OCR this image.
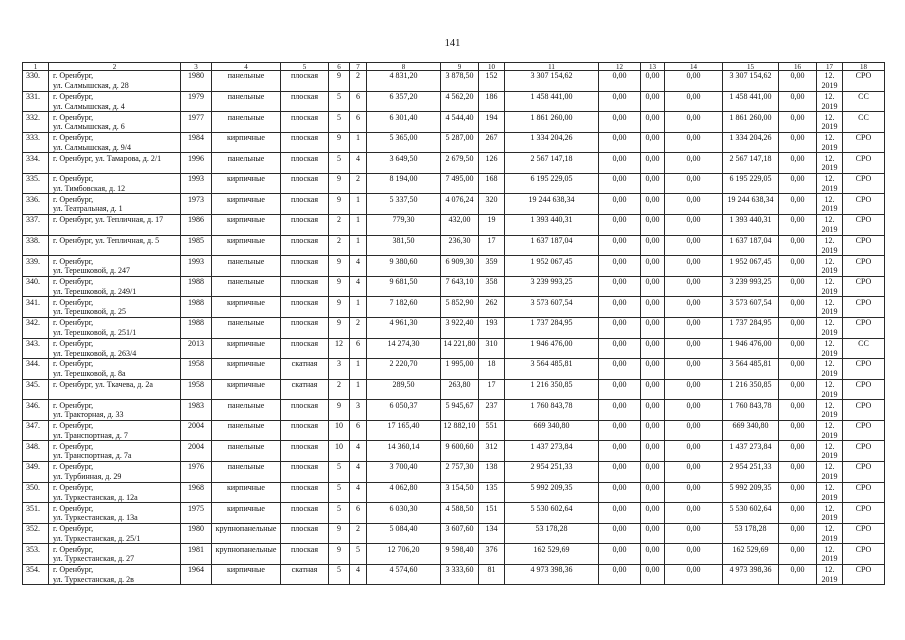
141
1	2	3	4	5	6	7	8	9	10	11	12	13	14	15	16	17	18
330.	г. Оренбург,
ул. Салмышская, д. 28	1980	панельные	плоская	9	2	4 831,20	3 878,50	152	3 307 154,62	0,00	0,00	0,00	3 307 154,62	0,00	12.
2019	СРО
331.	г. Оренбург,
ул. Салмышская, д. 4	1979	панельные	плоская	5	6	6 357,20	4 562,20	186	1 458 441,00	0,00	0,00	0,00	1 458 441,00	0,00	12.
2019	СС
332.	г. Оренбург,
ул. Салмышская, д. 6	1977	панельные	плоская	5	6	6 301,40	4 544,40	194	1 861 260,00	0,00	0,00	0,00	1 861 260,00	0,00	12.
2019	СС
333.	г. Оренбург,
ул. Салмышская, д. 9/4	1984	кирпичные	плоская	9	1	5 365,00	5 287,00	267	1 334 204,26	0,00	0,00	0,00	1 334 204,26	0,00	12.
2019	СРО
334.	г. Оренбург, ул. Тамарова, д. 2/1	1996	панельные	плоская	5	4	3 649,50	2 679,50	126	2 567 147,18	0,00	0,00	0,00	2 567 147,18	0,00	12.
2019	СРО
335.	г. Оренбург,
ул. Тимбовская, д. 12	1993	кирпичные	плоская	9	2	8 194,00	7 495,00	168	6 195 229,05	0,00	0,00	0,00	6 195 229,05	0,00	12.
2019	СРО
336.	г. Оренбург,
ул. Театральная, д. 1	1973	кирпичные	плоская	9	1	5 337,50	4 076,24	320	19 244 638,34	0,00	0,00	0,00	19 244 638,34	0,00	12.
2019	СРО
337.	г. Оренбург, ул. Тепличная, д. 17	1986	кирпичные	плоская	2	1	779,30	432,00	19	1 393 440,31	0,00	0,00	0,00	1 393 440,31	0,00	12.
2019	СРО
338.	г. Оренбург, ул. Тепличная, д. 5	1985	кирпичные	плоская	2	1	381,50	236,30	17	1 637 187,04	0,00	0,00	0,00	1 637 187,04	0,00	12.
2019	СРО
339.	г. Оренбург,
ул. Терешковой, д. 247	1993	панельные	плоская	9	4	9 380,60	6 909,30	359	1 952 067,45	0,00	0,00	0,00	1 952 067,45	0,00	12.
2019	СРО
340.	г. Оренбург,
ул. Терешковой, д. 249/1	1988	панельные	плоская	9	4	9 681,50	7 643,10	358	3 239 993,25	0,00	0,00	0,00	3 239 993,25	0,00	12.
2019	СРО
341.	г. Оренбург,
ул. Терешковой, д. 25	1988	кирпичные	плоская	9	1	7 182,60	5 852,90	262	3 573 607,54	0,00	0,00	0,00	3 573 607,54	0,00	12.
2019	СРО
342.	г. Оренбург,
ул. Терешковой, д. 251/1	1988	панельные	плоская	9	2	4 961,30	3 922,40	193	1 737 284,95	0,00	0,00	0,00	1 737 284,95	0,00	12.
2019	СРО
343.	г. Оренбург,
ул. Терешковой, д. 263/4	2013	кирпичные	плоская	12	6	14 274,30	14 221,80	310	1 946 476,00	0,00	0,00	0,00	1 946 476,00	0,00	12.
2019	СС
344.	г. Оренбург,
ул. Терешковой, д. 8а	1958	кирпичные	скатная	3	1	2 220,70	1 995,00	18	3 564 485,81	0,00	0,00	0,00	3 564 485,81	0,00	12.
2019	СРО
345.	г. Оренбург, ул. Ткачева, д. 2а	1958	кирпичные	скатная	2	1	289,50	263,80	17	1 216 350,85	0,00	0,00	0,00	1 216 350,85	0,00	12.
2019	СРО
346.	г. Оренбург,
ул. Тракторная, д. 33	1983	панельные	плоская	9	3	6 050,37	5 945,67	237	1 760 843,78	0,00	0,00	0,00	1 760 843,78	0,00	12.
2019	СРО
347.	г. Оренбург,
ул. Транспортная, д. 7	2004	панельные	плоская	10	6	17 165,40	12 882,10	551	669 340,80	0,00	0,00	0,00	669 340,80	0,00	12.
2019	СРО
348.	г. Оренбург,
ул. Транспортная, д. 7а	2004	панельные	плоская	10	4	14 360,14	9 600,60	312	1 437 273,84	0,00	0,00	0,00	1 437 273,84	0,00	12.
2019	СРО
349.	г. Оренбург,
ул. Турбинная, д. 29	1976	панельные	плоская	5	4	3 700,40	2 757,30	138	2 954 251,33	0,00	0,00	0,00	2 954 251,33	0,00	12.
2019	СРО
350.	г. Оренбург,
ул. Туркестанская, д. 12а	1968	кирпичные	плоская	5	4	4 062,80	3 154,50	135	5 992 209,35	0,00	0,00	0,00	5 992 209,35	0,00	12.
2019	СРО
351.	г. Оренбург,
ул. Туркестанская, д. 13а	1975	кирпичные	плоская	5	6	6 030,30	4 588,50	151	5 530 602,64	0,00	0,00	0,00	5 530 602,64	0,00	12.
2019	СРО
352.	г. Оренбург,
ул. Туркестанская, д. 25/1	1980	крупнопанельные	плоская	9	2	5 084,40	3 607,60	134	53 178,28	0,00	0,00	0,00	53 178,28	0,00	12.
2019	СРО
353.	г. Оренбург,
ул. Туркестанская, д. 27	1981	крупнопанельные	плоская	9	5	12 706,20	9 598,40	376	162 529,69	0,00	0,00	0,00	162 529,69	0,00	12.
2019	СРО
354.	г. Оренбург,
ул. Туркестанская, д. 2в	1964	кирпичные	скатная	5	4	4 574,60	3 333,60	81	4 973 398,36	0,00	0,00	0,00	4 973 398,36	0,00	12.
2019	СРО
